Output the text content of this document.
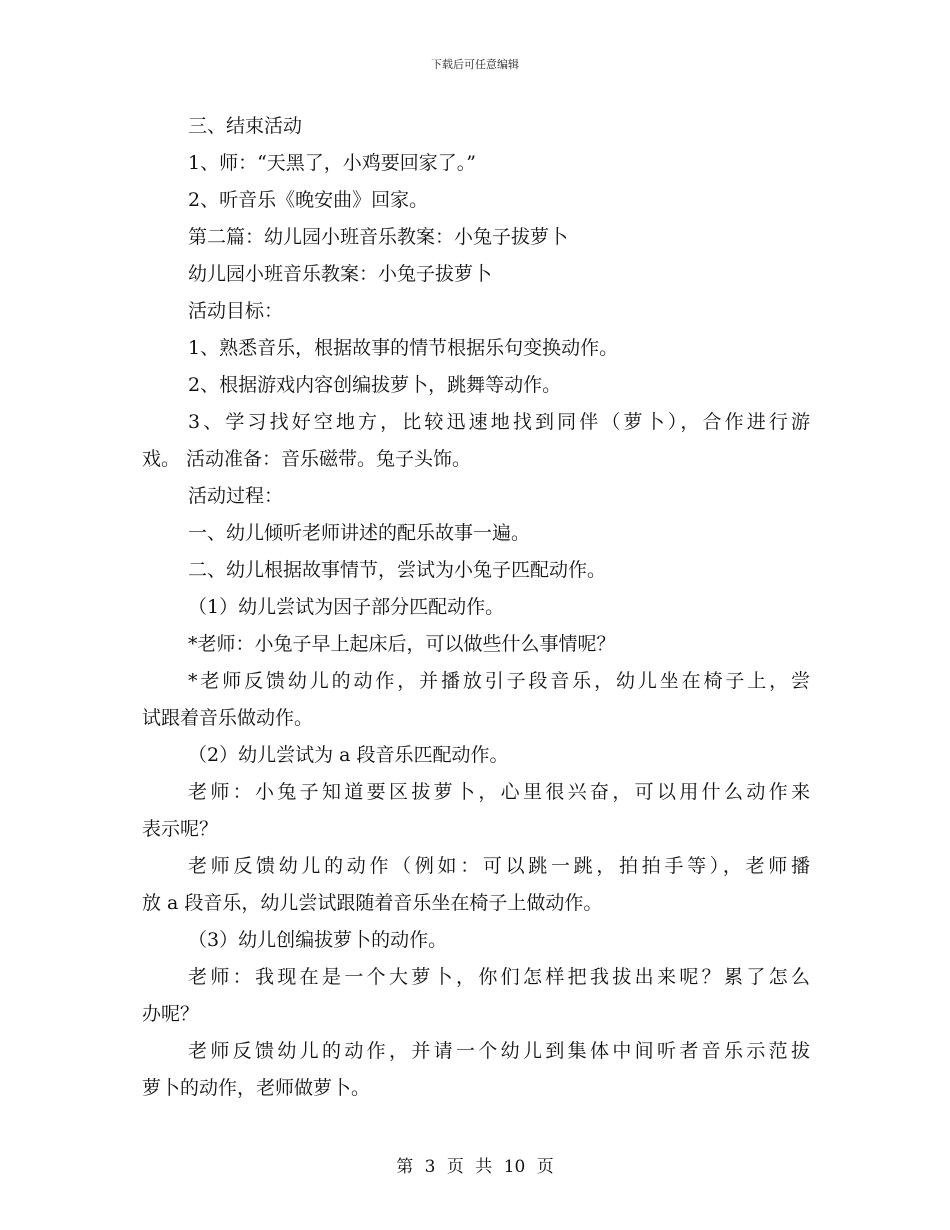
下载后可任意编辑
三、结束活动
1、师：“天黑了，小鸡要回家了。”
2、听音乐《晚安曲》回家。
第二篇：幼儿园小班音乐教案：小兔子拔萝卜
幼儿园小班音乐教案：小兔子拔萝卜
活动目标：
1、熟悉音乐，根据故事的情节根据乐句变换动作。
2、根据游戏内容创编拔萝卜，跳舞等动作。
3、学习找好空地方，比较迅速地找到同伴（萝卜），合作进行游
戏。 活动准备：音乐磁带。兔子头饰。
活动过程：
一、幼儿倾听老师讲述的配乐故事一遍。
二、幼儿根据故事情节，尝试为小兔子匹配动作。
（1）幼儿尝试为因子部分匹配动作。
*老师：小兔子早上起床后，可以做些什么事情呢？
*老师反馈幼儿的动作，并播放引子段音乐，幼儿坐在椅子上，尝
试跟着音乐做动作。
（2）幼儿尝试为 a 段音乐匹配动作。
老师：小兔子知道要区拔萝卜，心里很兴奋，可以用什么动作来
表示呢？
老师反馈幼儿的动作（例如：可以跳一跳，拍拍手等），老师播
放 a 段音乐，幼儿尝试跟随着音乐坐在椅子上做动作。
（3）幼儿创编拔萝卜的动作。
老师：我现在是一个大萝卜，你们怎样把我拔出来呢？累了怎么
办呢？
老师反馈幼儿的动作，并请一个幼儿到集体中间听者音乐示范拔
萝卜的动作，老师做萝卜。
第 3 页 共 10 页
